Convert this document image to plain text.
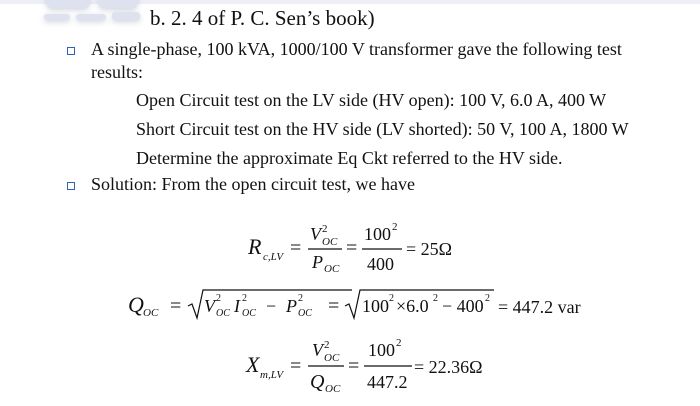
b. 2. 4 of P. C. Sen’s book)
A single-phase, 100 kVA, 1000/100 V transformer gave the following test
results:
Open Circuit test on the LV side (HV open): 100 V, 6.0 A, 400 W
Short Circuit test on the HV side (LV shorted): 50 V, 100 A, 1800 W
Determine the approximate Eq Ckt referred to the HV side.
Solution: From the open circuit test, we have
R c,LV =
V 2
OC
P OC
=
100 2
400
= 25Ω
Q OC = V 2
OC I 2
OC − P 2
OC = 100 2 ×6.0 2 − 400 2 = 447.2 var
X m,LV =
V 2
OC
Q OC
=
100 2
447.2
= 22.36Ω
